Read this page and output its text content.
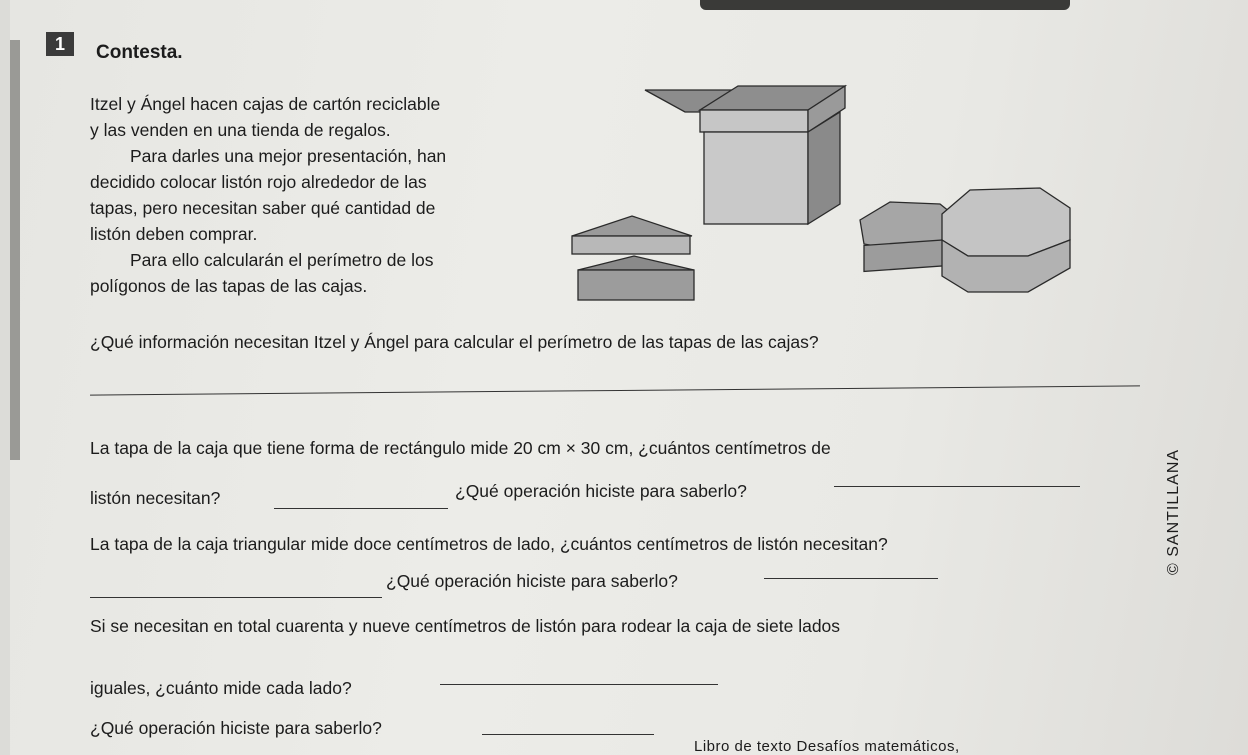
1	Contesta.
Itzel y Ángel hacen cajas de cartón reciclable
y las venden en una tienda de regalos.
Para darles una mejor presentación, han
decidido colocar listón rojo alrededor de las
tapas, pero necesitan saber qué cantidad de
listón deben comprar.
Para ello calcularán el perímetro de los
polígonos de las tapas de las cajas.
¿Qué información necesitan Itzel y Ángel para calcular el perímetro de las tapas de las cajas?
La tapa de la caja que tiene forma de rectángulo mide 20 cm × 30 cm, ¿cuántos centímetros de
listón necesitan?	¿Qué operación hiciste para saberlo?
La tapa de la caja triangular mide doce centímetros de lado, ¿cuántos centímetros de listón necesitan?
¿Qué operación hiciste para saberlo?
Si se necesitan en total cuarenta y nueve centímetros de listón para rodear la caja de siete lados
iguales, ¿cuánto mide cada lado?
¿Qué operación hiciste para saberlo?
© SANTILLANA
Libro de texto Desafíos matemáticos,
